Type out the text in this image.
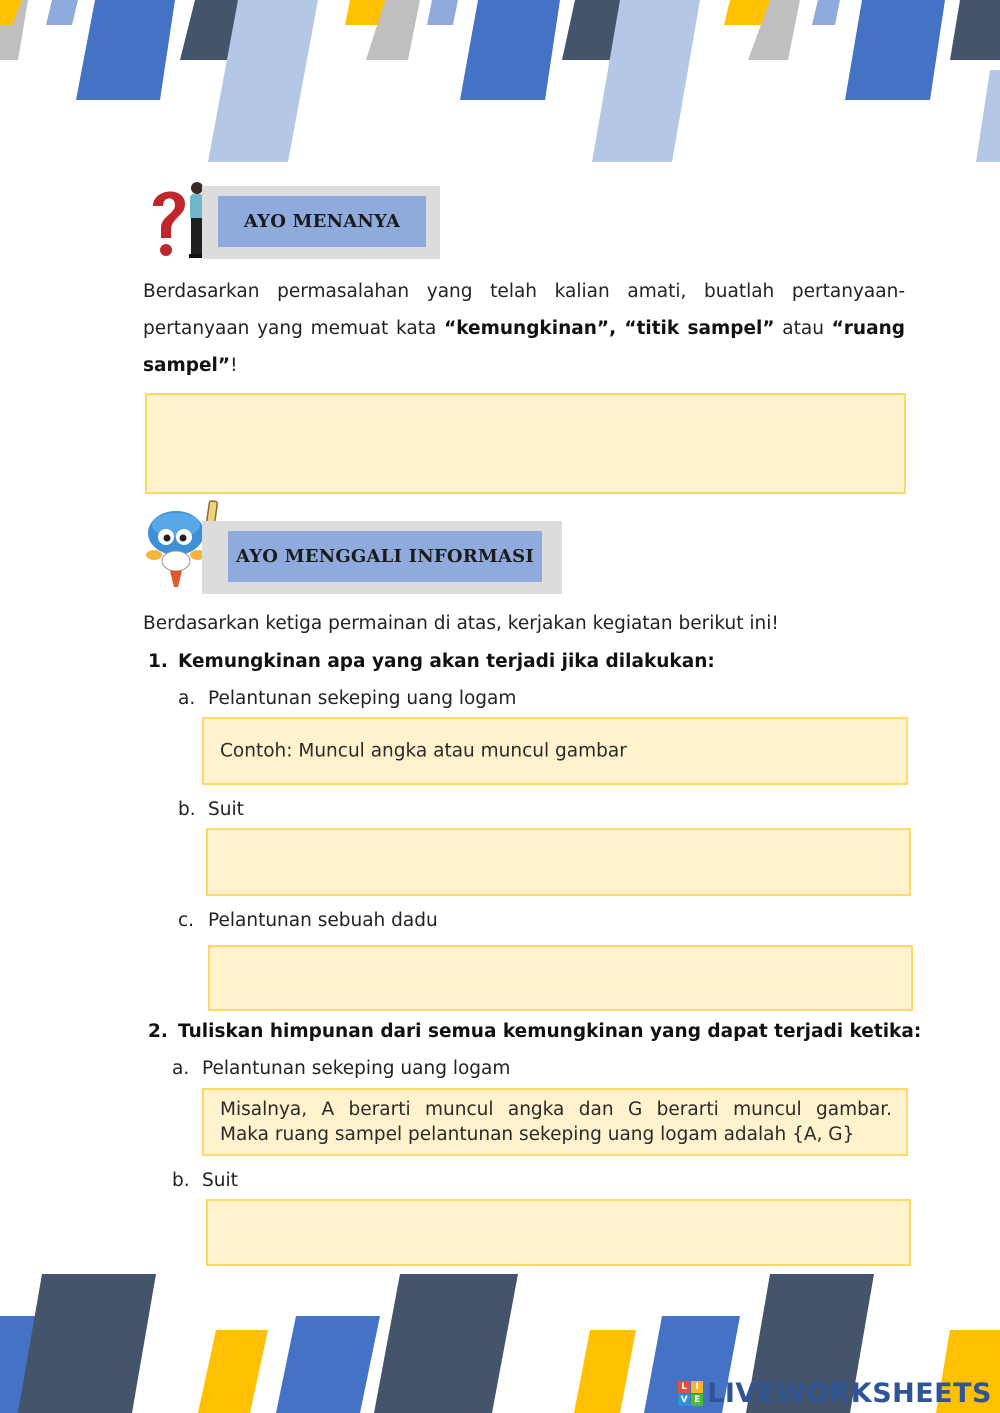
AYO MENANYA
Berdasarkan permasalahan yang telah kalian amati, buatlah pertanyaan-pertanyaan yang memuat kata “kemungkinan”, “titik sampel” atau “ruang sampel”!
AYO MENGGALI INFORMASI
Berdasarkan ketiga permainan di atas, kerjakan kegiatan berikut ini!
1. Kemungkinan apa yang akan terjadi jika dilakukan:
a. Pelantunan sekeping uang logam
Contoh: Muncul angka atau muncul gambar
b. Suit
c. Pelantunan sebuah dadu
2. Tuliskan himpunan dari semua kemungkinan yang dapat terjadi ketika:
a. Pelantunan sekeping uang logam
Misalnya, A berarti muncul angka dan G berarti muncul gambar.
Maka ruang sampel pelantunan sekeping uang logam adalah {A, G}
b. Suit
L I
V E LIVEWORKSHEETS
